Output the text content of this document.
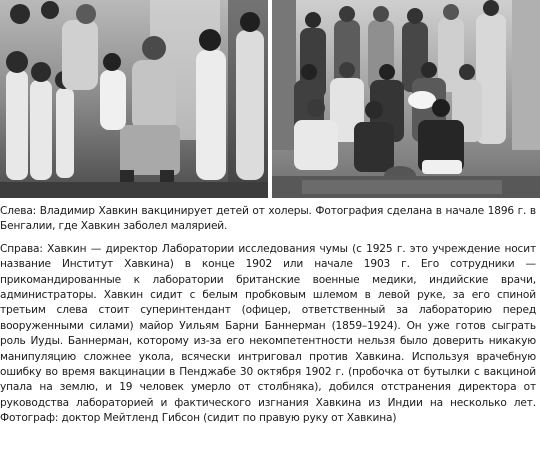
Слева: Владимир Хавкин вакцинирует детей от холеры. Фотография сделана в начале 1896 г. в Бенгалии, где Хавкин заболел малярией.

Справа: Хавкин — директор Лаборатории исследования чумы (с 1925 г. это учреждение носит название Институт Хавкина) в конце 1902 или начале 1903 г. Его сотрудники — прикомандированные к лаборатории британские военные медики, индийские врачи, администраторы. Хавкин сидит с белым пробковым шлемом в левой руке, за его спиной третьим слева стоит суперинтендант (офицер, ответственный за лабораторию перед вооруженными силами) майор Уильям Барни Баннерман (1859–1924). Он уже готов сыграть роль Иуды. Баннерман, которому из-за его некомпетентности нельзя было доверить никакую манипуляцию сложнее укола, всячески интриговал против Хавкина. Используя врачебную ошибку во время вакцинации в Пенджабе 30 октября 1902 г. (пробочка от бутылки с вакциной упала на землю, и 19 человек умерло от столбняка), добился отстранения директора от руководства лабораторией и фактического изгнания Хавкина из Индии на несколько лет. Фотограф: доктор Мейтленд Гибсон (сидит по правую руку от Хавкина)
